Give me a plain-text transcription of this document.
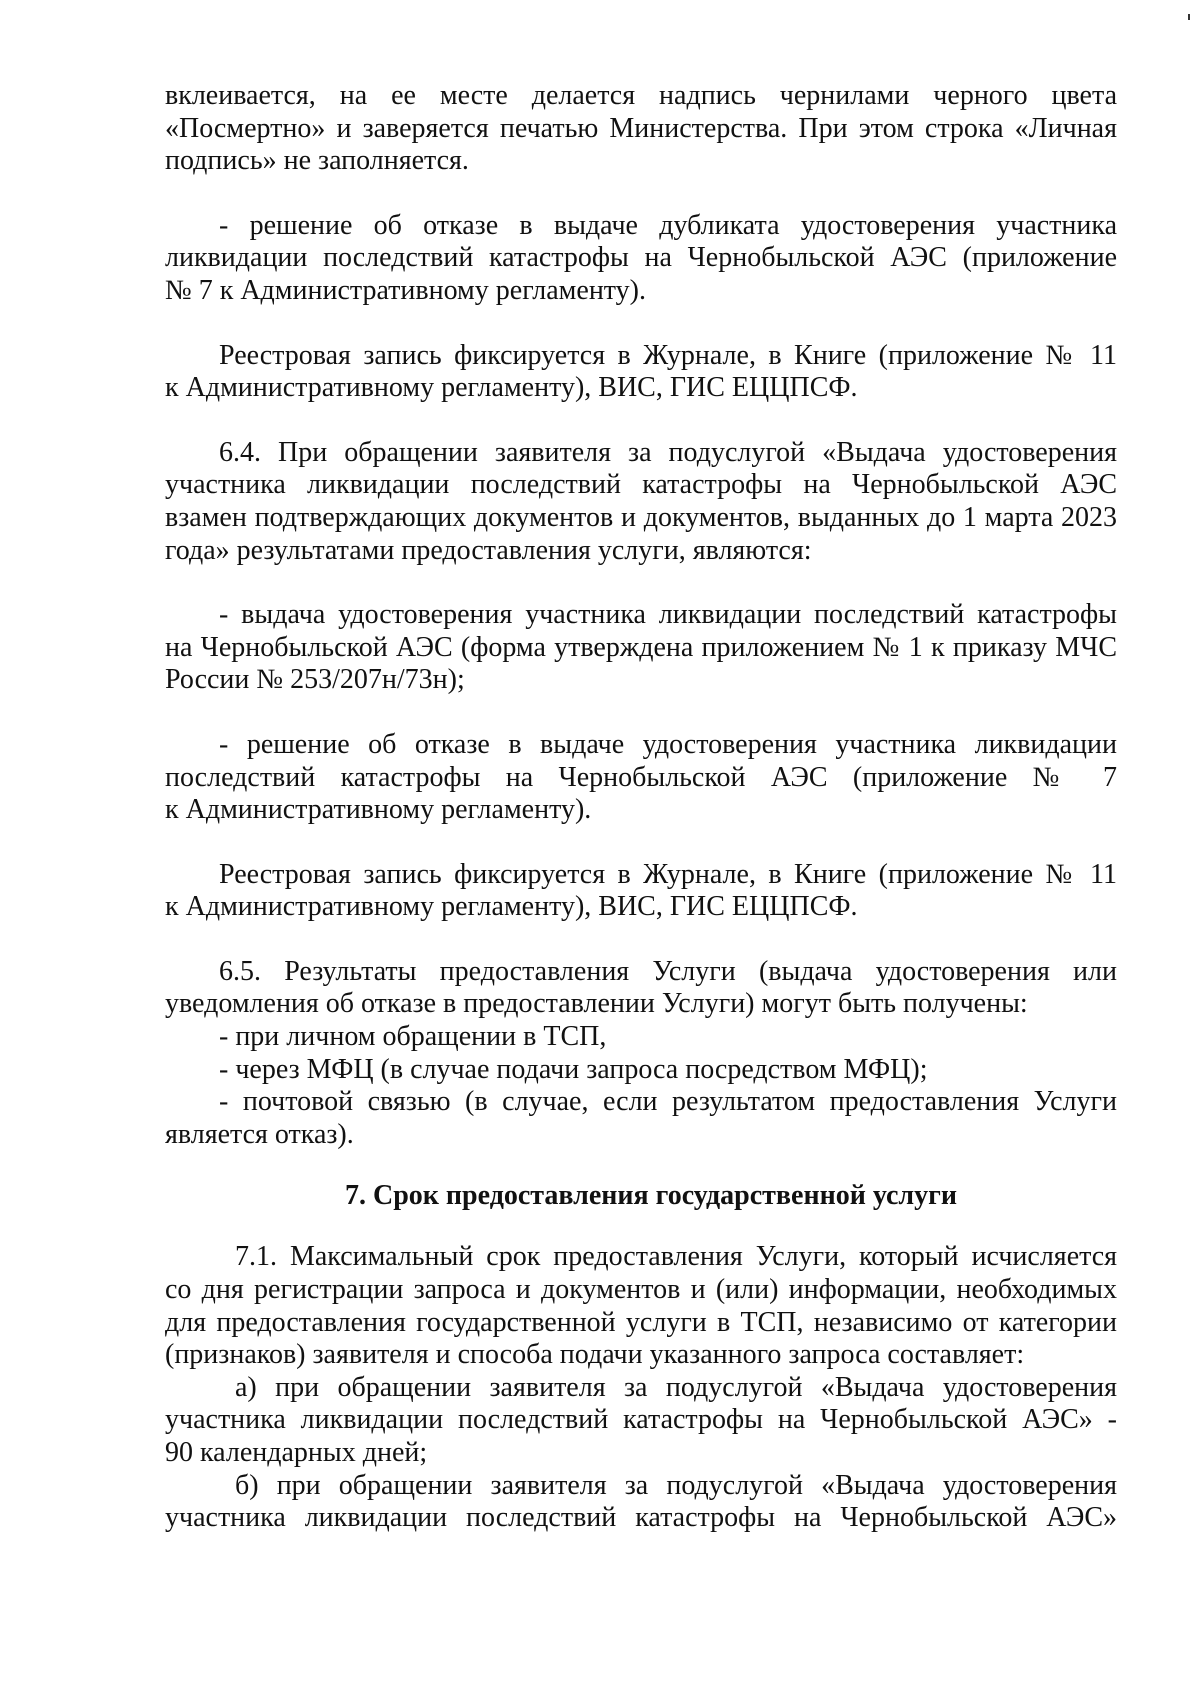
вклеивается, на ее месте делается надпись чернилами черного цвета
«Посмертно» и заверяется печатью Министерства. При этом строка «Личная
подпись» не заполняется.
- решение об отказе в выдаче дубликата удостоверения участника
ликвидации последствий катастрофы на Чернобыльской АЭС (приложение
№ 7 к Административному регламенту).
Реестровая запись фиксируется в Журнале, в Книге (приложение № 11
к Административному регламенту), ВИС, ГИС ЕЦЦПСФ.
6.4. При обращении заявителя за подуслугой «Выдача удостоверения
участника ликвидации последствий катастрофы на Чернобыльской АЭС
взамен подтверждающих документов и документов, выданных до 1 марта 2023
года» результатами предоставления услуги, являются:
- выдача удостоверения участника ликвидации последствий катастрофы
на Чернобыльской АЭС (форма утверждена приложением № 1 к приказу МЧС
России № 253/207н/73н);
- решение об отказе в выдаче удостоверения участника ликвидации
последствий катастрофы на Чернобыльской АЭС (приложение № 7
к Административному регламенту).
Реестровая запись фиксируется в Журнале, в Книге (приложение № 11
к Административному регламенту), ВИС, ГИС ЕЦЦПСФ.
6.5. Результаты предоставления Услуги (выдача удостоверения или
уведомления об отказе в предоставлении Услуги) могут быть получены:
- при личном обращении в ТСП,
- через МФЦ (в случае подачи запроса посредством МФЦ);
- почтовой связью (в случае, если результатом предоставления Услуги
является отказ).
7. Срок предоставления государственной услуги
7.1. Максимальный срок предоставления Услуги, который исчисляется
со дня регистрации запроса и документов и (или) информации, необходимых
для предоставления государственной услуги в ТСП, независимо от категории
(признаков) заявителя и способа подачи указанного запроса составляет:
а) при обращении заявителя за подуслугой «Выдача удостоверения
участника ликвидации последствий катастрофы на Чернобыльской АЭС» -
90 календарных дней;
б) при обращении заявителя за подуслугой «Выдача удостоверения
участника ликвидации последствий катастрофы на Чернобыльской АЭС»
